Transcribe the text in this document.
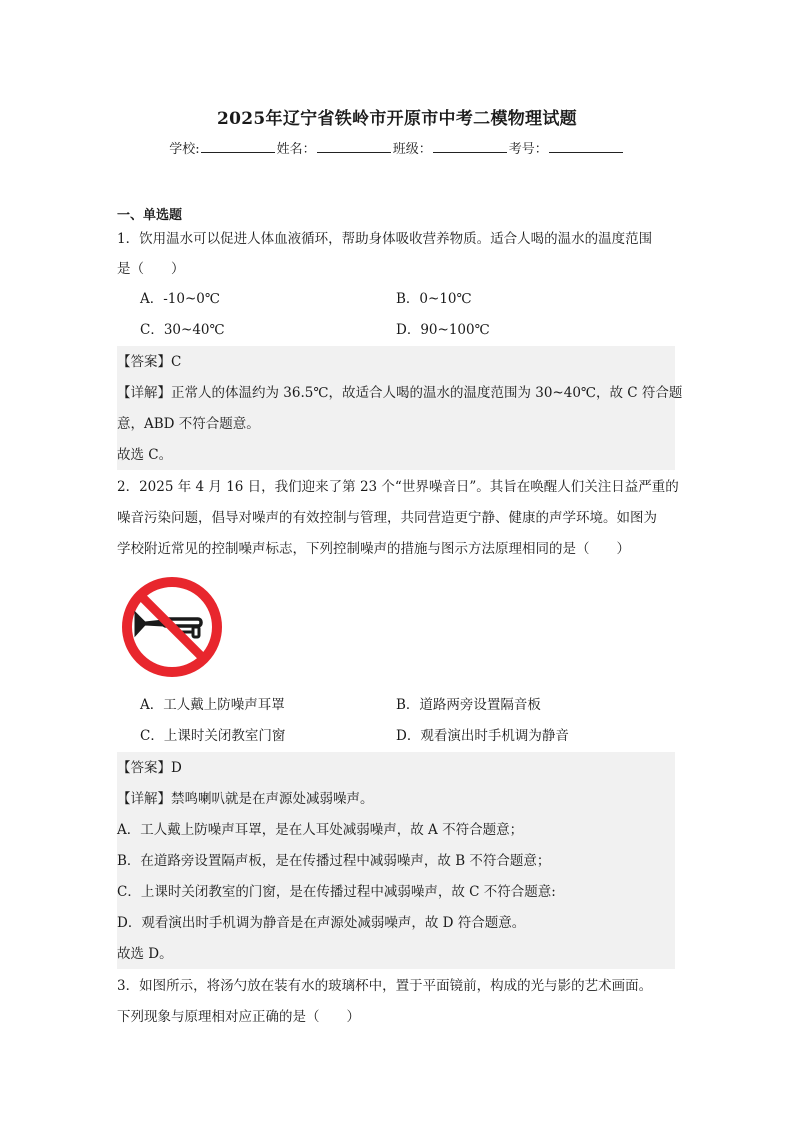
2025年辽宁省铁岭市开原市中考二模物理试题
学校:	姓名：	班级：	考号：
一、单选题
1．饮用温水可以促进人体血液循环，帮助身体吸收营养物质。适合人喝的温水的温度范围
是（　　）
A．-10~0℃	B．0~10℃
C．30~40℃	D．90~100℃
【答案】C
【详解】正常人的体温约为 36.5℃，故适合人喝的温水的温度范围为 30~40℃，故 C 符合题
意，ABD 不符合题意。
故选 C。
2．2025 年 4 月 16 日，我们迎来了第 23 个“世界噪音日”。其旨在唤醒人们关注日益严重的
噪音污染问题，倡导对噪声的有效控制与管理，共同营造更宁静、健康的声学环境。如图为
学校附近常见的控制噪声标志，下列控制噪声的措施与图示方法原理相同的是（　　）
A．工人戴上防噪声耳罩	B．道路两旁设置隔音板
C．上课时关闭教室门窗	D．观看演出时手机调为静音
【答案】D
【详解】禁鸣喇叭就是在声源处减弱噪声。
A．工人戴上防噪声耳罩，是在人耳处减弱噪声，故 A 不符合题意；
B．在道路旁设置隔声板，是在传播过程中减弱噪声，故 B 不符合题意；
C．上课时关闭教室的门窗，是在传播过程中减弱噪声，故 C 不符合题意:
D．观看演出时手机调为静音是在声源处减弱噪声，故 D 符合题意。
故选 D。
3．如图所示，将汤勺放在装有水的玻璃杯中，置于平面镜前，构成的光与影的艺术画面。
下列现象与原理相对应正确的是（　　）
